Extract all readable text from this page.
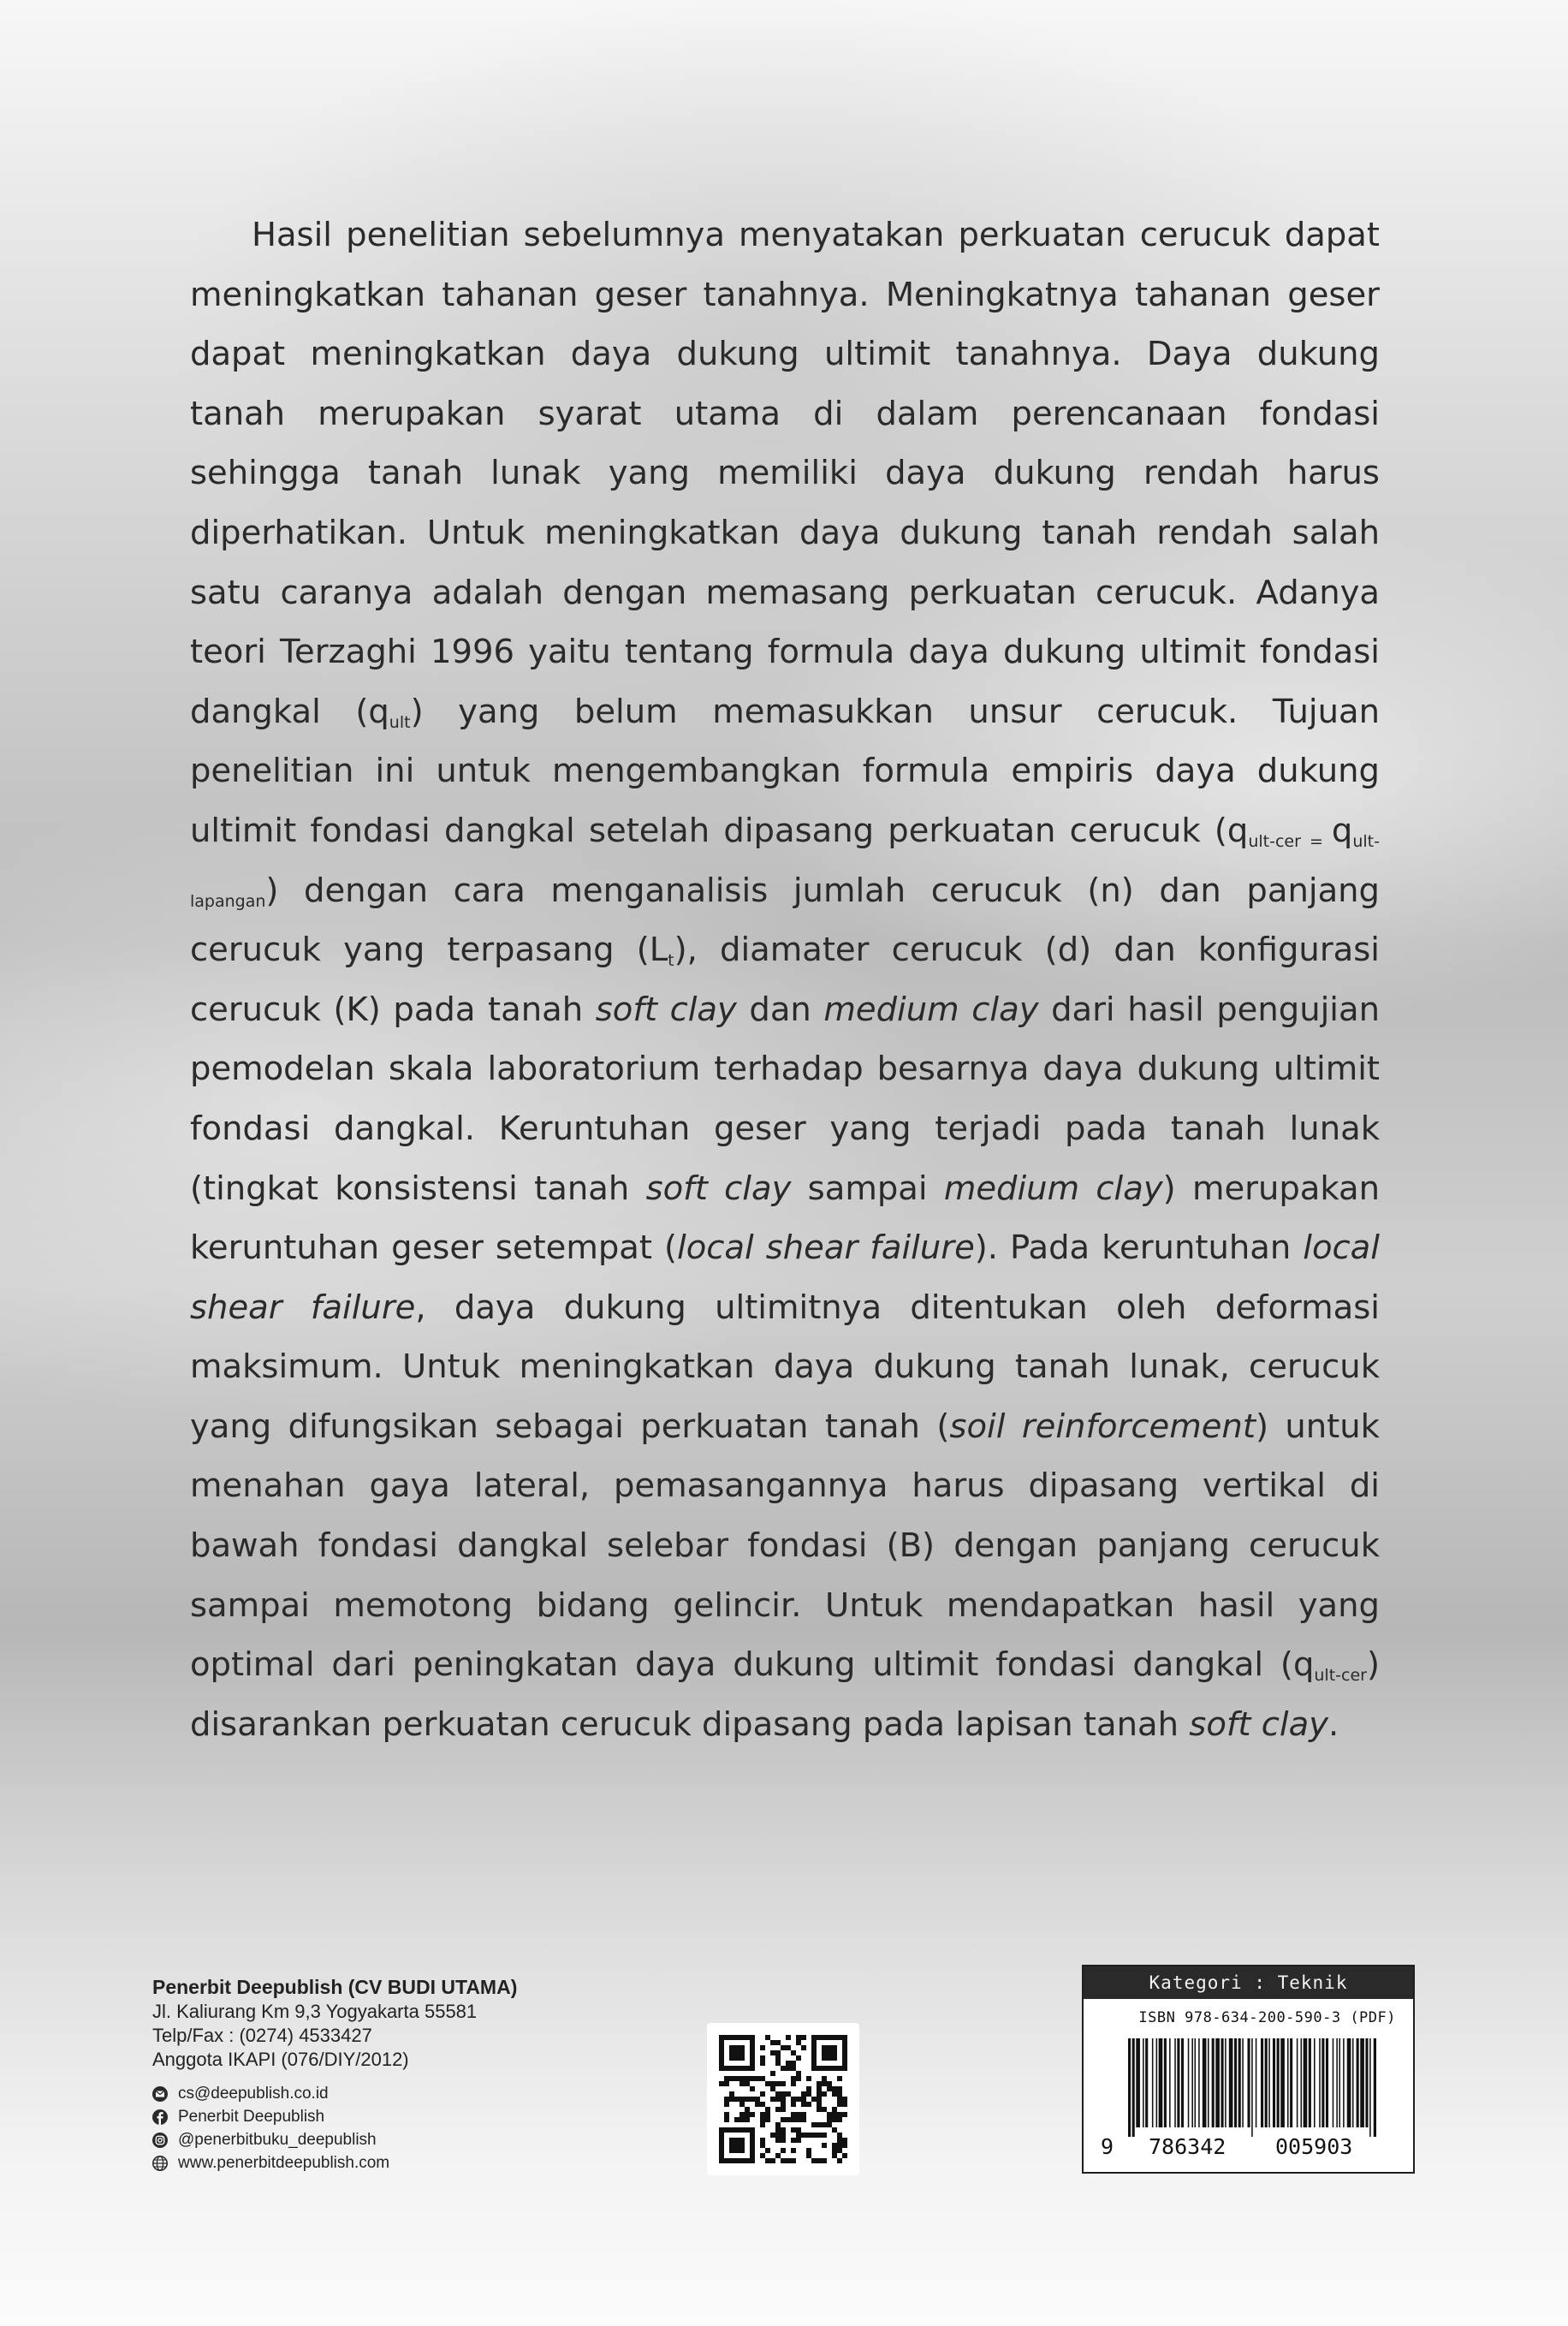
Hasil penelitian sebelumnya menyatakan perkuatan cerucuk dapat meningkatkan tahanan geser tanahnya. Meningkatnya tahanan geser dapat meningkatkan daya dukung ultimit tanahnya. Daya dukung tanah merupakan syarat utama di dalam perencanaan fondasi sehingga tanah lunak yang memiliki daya dukung rendah harus diperhatikan. Untuk meningkatkan daya dukung tanah rendah salah satu caranya adalah dengan memasang perkuatan cerucuk. Adanya teori Terzaghi 1996 yaitu tentang formula daya dukung ultimit fondasi dangkal $(q_{ult})$ yang belum memasukkan unsur cerucuk. Tujuan penelitian ini untuk mengembangkan formula empiris daya dukung ultimit fondasi dangkal setelah dipasang perkuatan cerucuk ($q_{ult-cer =}$ $q_{ult-lapangan}$) dengan cara menganalisis jumlah cerucuk (n) dan panjang cerucuk yang terpasang $(L_t)$, diamater cerucuk (d) dan konfigurasi cerucuk (K) pada tanah soft clay dan medium clay dari hasil pengujian pemodelan skala laboratorium terhadap besarnya daya dukung ultimit fondasi dangkal. Keruntuhan geser yang terjadi pada tanah lunak (tingkat konsistensi tanah soft clay sampai medium clay) merupakan keruntuhan geser setempat (local shear failure). Pada keruntuhan local shear failure, daya dukung ultimitnya ditentukan oleh deformasi maksimum. Untuk meningkatkan daya dukung tanah lunak, cerucuk yang difungsikan sebagai perkuatan tanah (soil reinforcement) untuk menahan gaya lateral, pemasangannya harus dipasang vertikal di bawah fondasi dangkal selebar fondasi (B) dengan panjang cerucuk sampai memotong bidang gelincir. Untuk mendapatkan hasil yang optimal dari peningkatan daya dukung ultimit fondasi dangkal $(q_{ult-cer})$ disarankan perkuatan cerucuk dipasang pada lapisan tanah soft clay.

Penerbit Deepublish (CV BUDI UTAMA)
Jl. Kaliurang Km 9,3 Yogyakarta 55581
Telp/Fax : (0274) 4533427
Anggota IKAPI (076/DIY/2012)
cs@deepublish.co.id
Penerbit Deepublish
@penerbitbuku_deepublish
www.penerbitdeepublish.com
Kategori : Teknik
ISBN 978-634-200-590-3 (PDF)
9 786342 005903
